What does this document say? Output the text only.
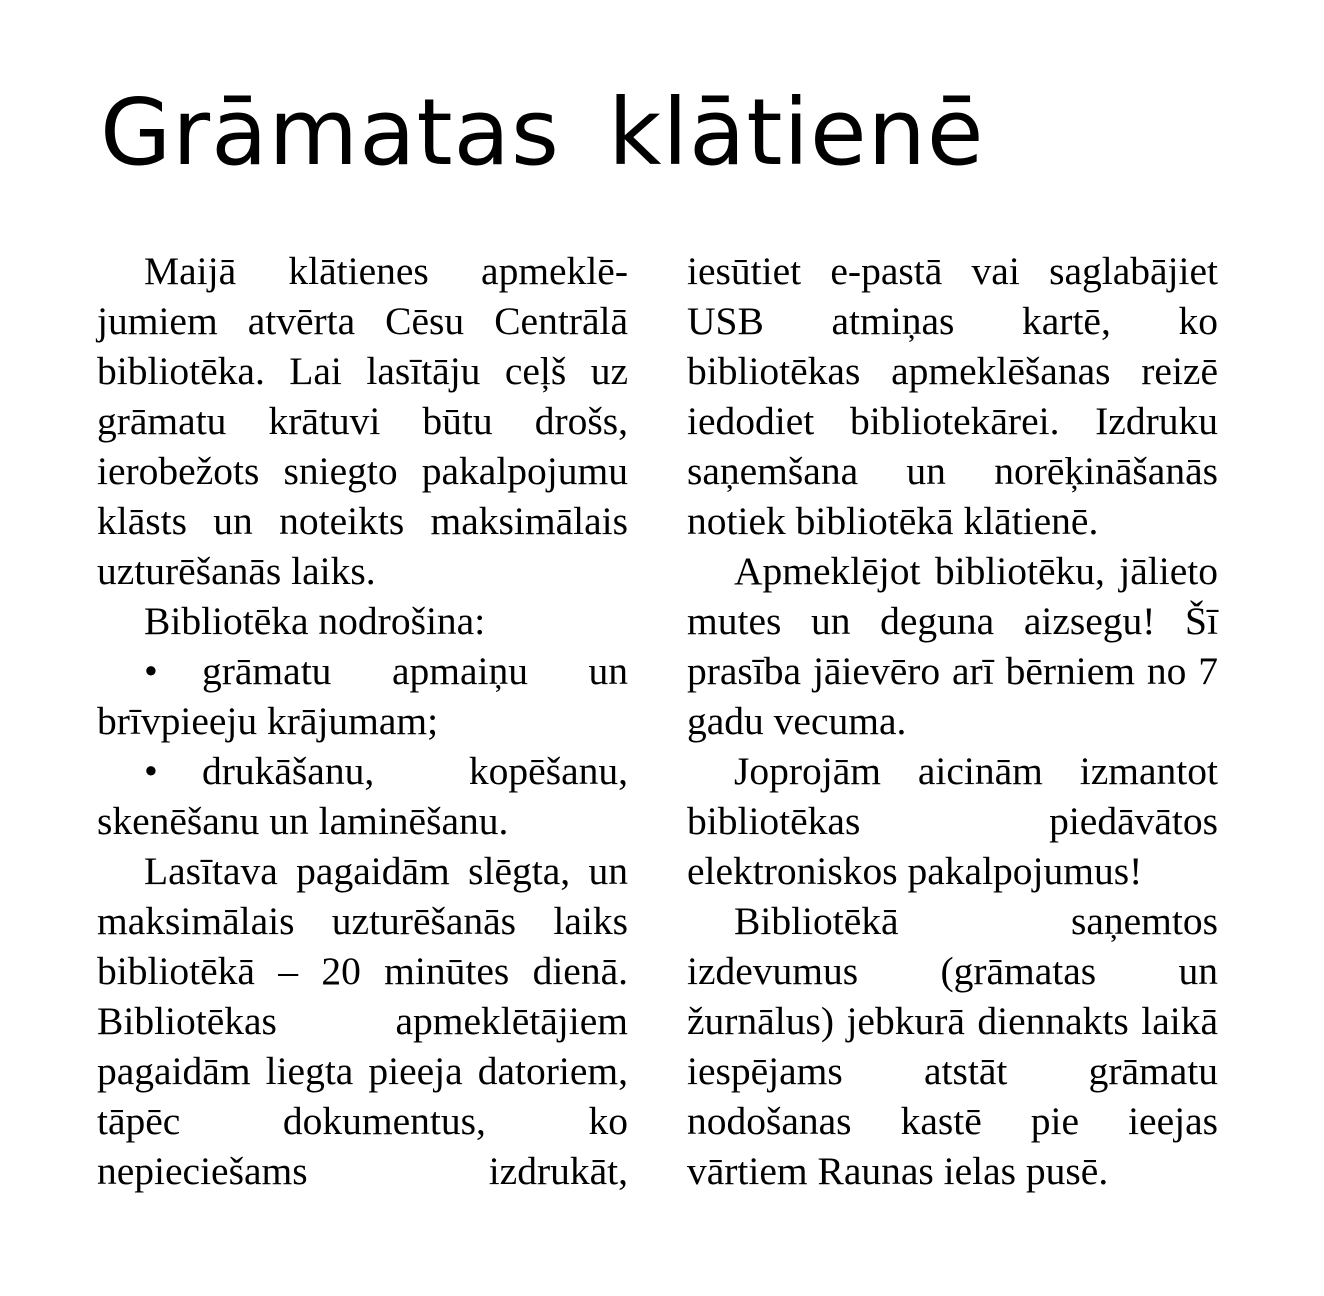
Grāmatas klātienē

Maijā klātienes apmeklē-jumiem atvērta Cēsu Centrālā bibliotēka. Lai lasītāju ceļš uz grāmatu krātuvi būtu drošs, ierobežots sniegto pakalpojumu klāsts un noteikts maksimālais uzturēšanās laiks.

Bibliotēka nodrošina:

• grāmatu apmaiņu un brīvpieeju krājumam;

• drukāšanu, kopēšanu, skenēšanu un laminēšanu.

Lasītava pagaidām slēgta, un maksimālais uzturēšanās laiks bibliotēkā – 20 minūtes dienā. Bibliotēkas apmeklētājiem pagaidām liegta pieeja datoriem, tāpēc dokumentus, ko nepieciešams izdrukāt,

iesūtiet e-pastā vai saglabājiet USB atmiņas kartē, ko bibliotēkas apmeklēšanas reizē iedodiet bibliotekārei. Izdruku saņemšana un norēķināšanās notiek bibliotēkā klātienē.

Apmeklējot bibliotēku, jālieto mutes un deguna aizsegu! Šī prasība jāievēro arī bērniem no 7 gadu vecuma.

Joprojām aicinām izmantot bibliotēkas piedāvātos elektroniskos pakalpojumus!

Bibliotēkā saņemtos izdevumus (grāmatas un žurnālus) jebkurā diennakts laikā iespējams atstāt grāmatu nodošanas kastē pie ieejas vārtiem Raunas ielas pusē.
